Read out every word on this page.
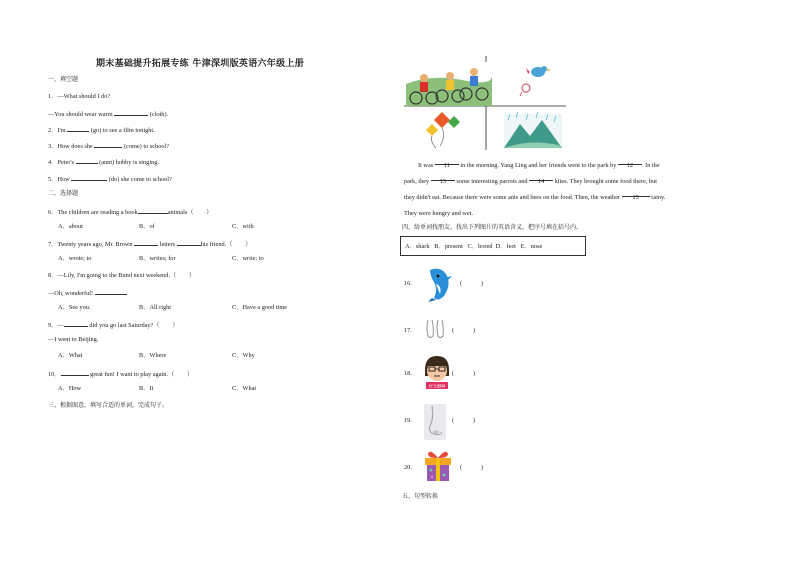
期末基础提升拓展专练 牛津深圳版英语六年级上册
一、填空题
1．—What should I do?
—You should wear warm	(cloth).
2．I'm	(go) to see a film tonight.
3．How does she	(come) to school?
4．Peter's	(aunt) hobby is singing.
5．How	(do) she come to school?
二、选择题
6．The children are reading a book	animals（　　）
A．about	B．of	C．with
7．Twenty years ago, Mr. Brown	letters	his friend.（　　）
A．wrote; to	B．writes; for	C．write; to
8．—Lily, I'm going to the Bund next weekend.（　　）
—Oh, wonderful!
A．See you.	B．All right	C．Have a good time
9．—	did you go last Saturday?（　　）
—I went to Beijing.
A．What	B．Where	C．Why
10．	great fun! I want to play again.（　　）
A．How	B．It	C．What
三、根据图意，填写合适的单词，完成句子。
It was 11 in the morning. Yang Ling and her friends went to the park by 12 . In the
park, they 13 some interesting parrots and 14 kites. They brought some food there, but
they didn't eat. Because there were some ants and bees on the food. Then, the weather 15 rainy.
They were hungry and wet.
四、给单词找朋友。找出下列图片的英语含义，把序号填在括号内。
A．shark   B．present   C．bored  D．feet   E．nose
16.	(　　　)
17.	(　　　)
18.
好无聊啊
(　　　)
19.	(　　　)
20.	(　　　)
五、句型转换
